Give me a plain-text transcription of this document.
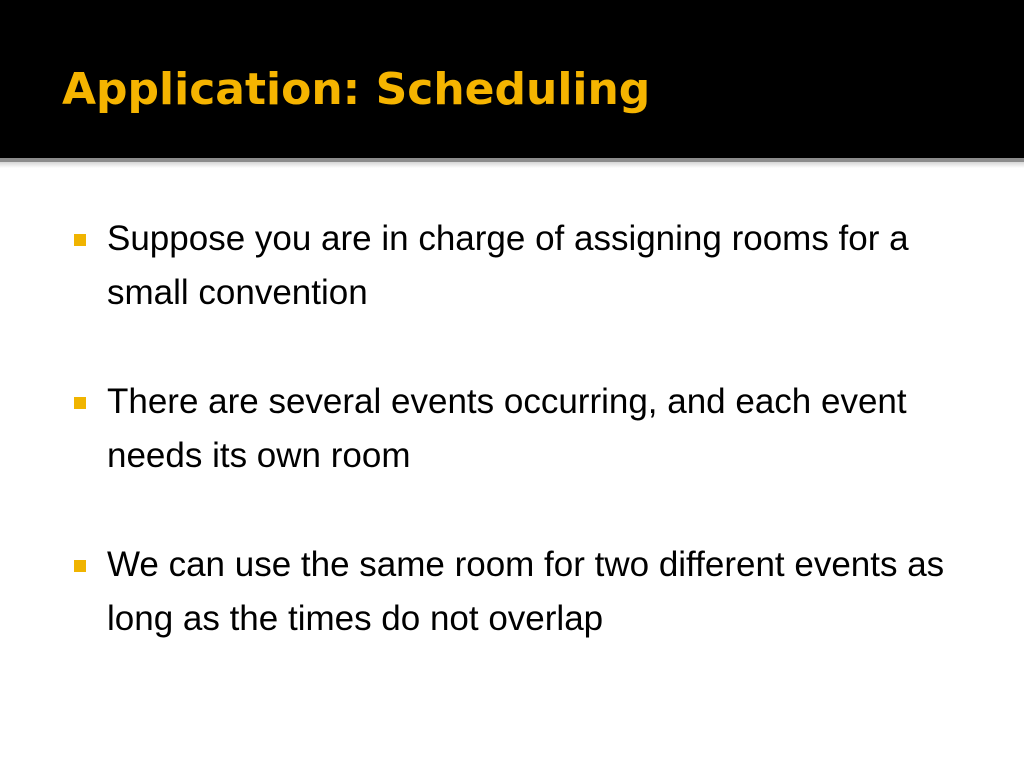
Application: Scheduling
Suppose you are in charge of assigning rooms for a small convention
There are several events occurring, and each event needs its own room
We can use the same room for two different events as long as the times do not overlap
